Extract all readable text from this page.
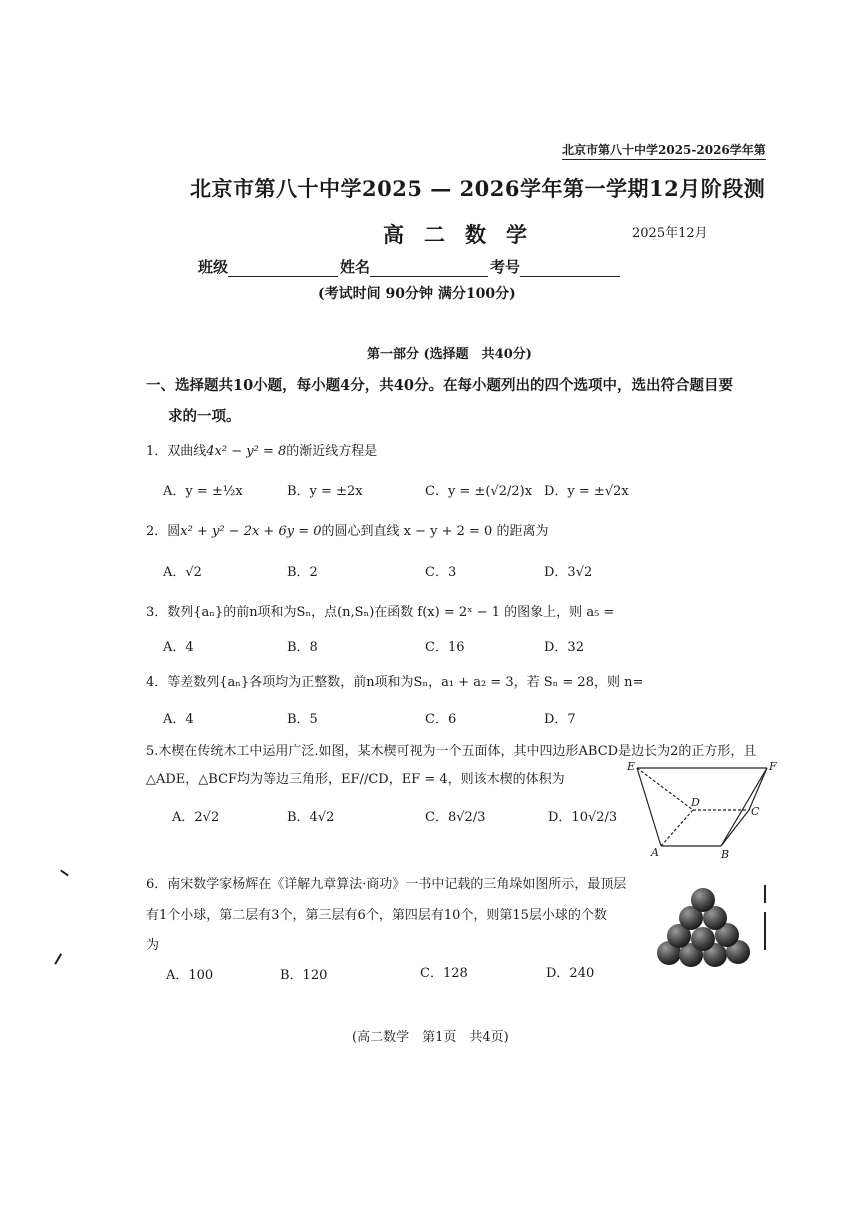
北京市第八十中学2025-2026学年第
北京市第八十中学2025 — 2026学年第一学期12月阶段测
高二数学	2025年12月
班级	姓名	考号
(考试时间 90分钟 满分100分)
第一部分 (选择题　共40分)
一、选择题共10小题，每小题4分，共40分。在每小题列出的四个选项中，选出符合题目要
求的一项。
1．双曲线4x² − y² = 8的渐近线方程是
A．y = ±½x	B．y = ±2x	C．y = ±(√2/2)x D．y = ±√2x
2．圆x² + y² − 2x + 6y = 0的圆心到直线 x − y + 2 = 0 的距离为
A．√2	B．2	C．3	D．3√2
3．数列{aₙ}的前n项和为Sₙ，点(n,Sₙ)在函数 f(x) = 2ˣ − 1 的图象上，则 a₅ =
A．4	B．8	C．16	D．32
4．等差数列{aₙ}各项均为正整数，前n项和为Sₙ，a₁ + a₂ = 3，若 Sₙ = 28，则 n=
A．4	B．5	C．6	D．7
5.木楔在传统木工中运用广泛.如图，某木楔可视为一个五面体，其中四边形ABCD是边长为2的正方形，且
△ADE，△BCF均为等边三角形，EF//CD，EF = 4，则该木楔的体积为
A．2√2	B．4√2	C．8√2/3	D．10√2/3
E	F
D
C
A	B
6．南宋数学家杨辉在《详解九章算法·商功》一书中记载的三角垛如图所示，最顶层
有1个小球，第二层有3个，第三层有6个，第四层有10个，则第15层小球的个数
为
A．100	B．120	C．128	D．240
(高二数学　第1页　共4页)
